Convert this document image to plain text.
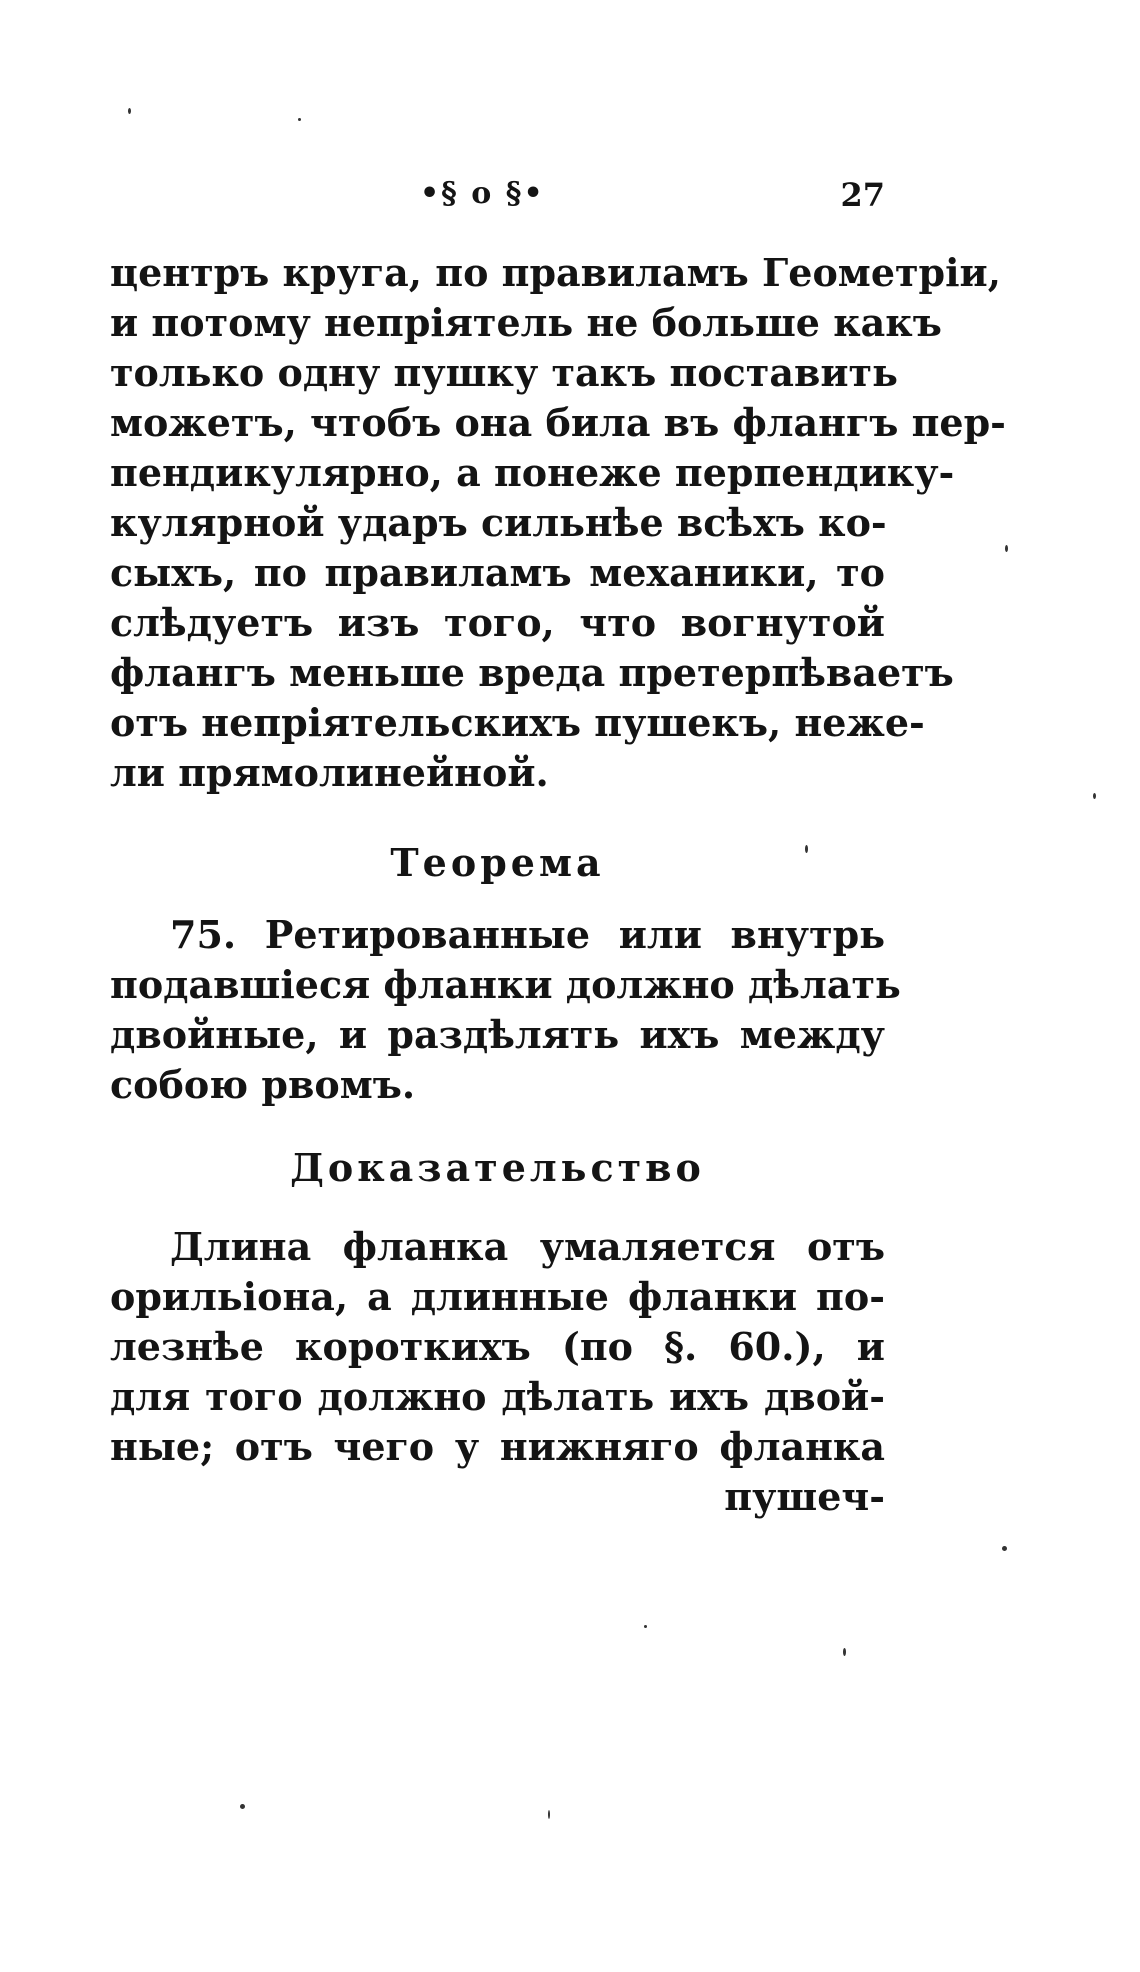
•§ o §•	27
центръ круга, по правиламъ Геометрiи,
и потому непрiятель не больше какъ
только одну пушку такъ поставить
можетъ, чтобъ она била въ флангъ пер-
пендикулярно, а понеже перпендику-
кулярной ударъ сильнѣе всѣхъ ко-
сыхъ, по правиламъ механики, то
слѣдуетъ изъ того, что вогнутой
флангъ меньше вреда претерпѣваетъ
отъ непрiятельскихъ пушекъ, неже-
ли прямолинейной.
Теорема
75. Ретированные или внутрь
подавшiеся фланки должно дѣлать
двойные, и раздѣлять ихъ между
собою рвомъ.
Доказательство
Длина фланка умаляется отъ
орильiона, а длинные фланки по-
лезнѣе короткихъ (по §. 60.), и
для того должно дѣлать ихъ двой-
ные; отъ чего у нижняго фланка
пушеч-
